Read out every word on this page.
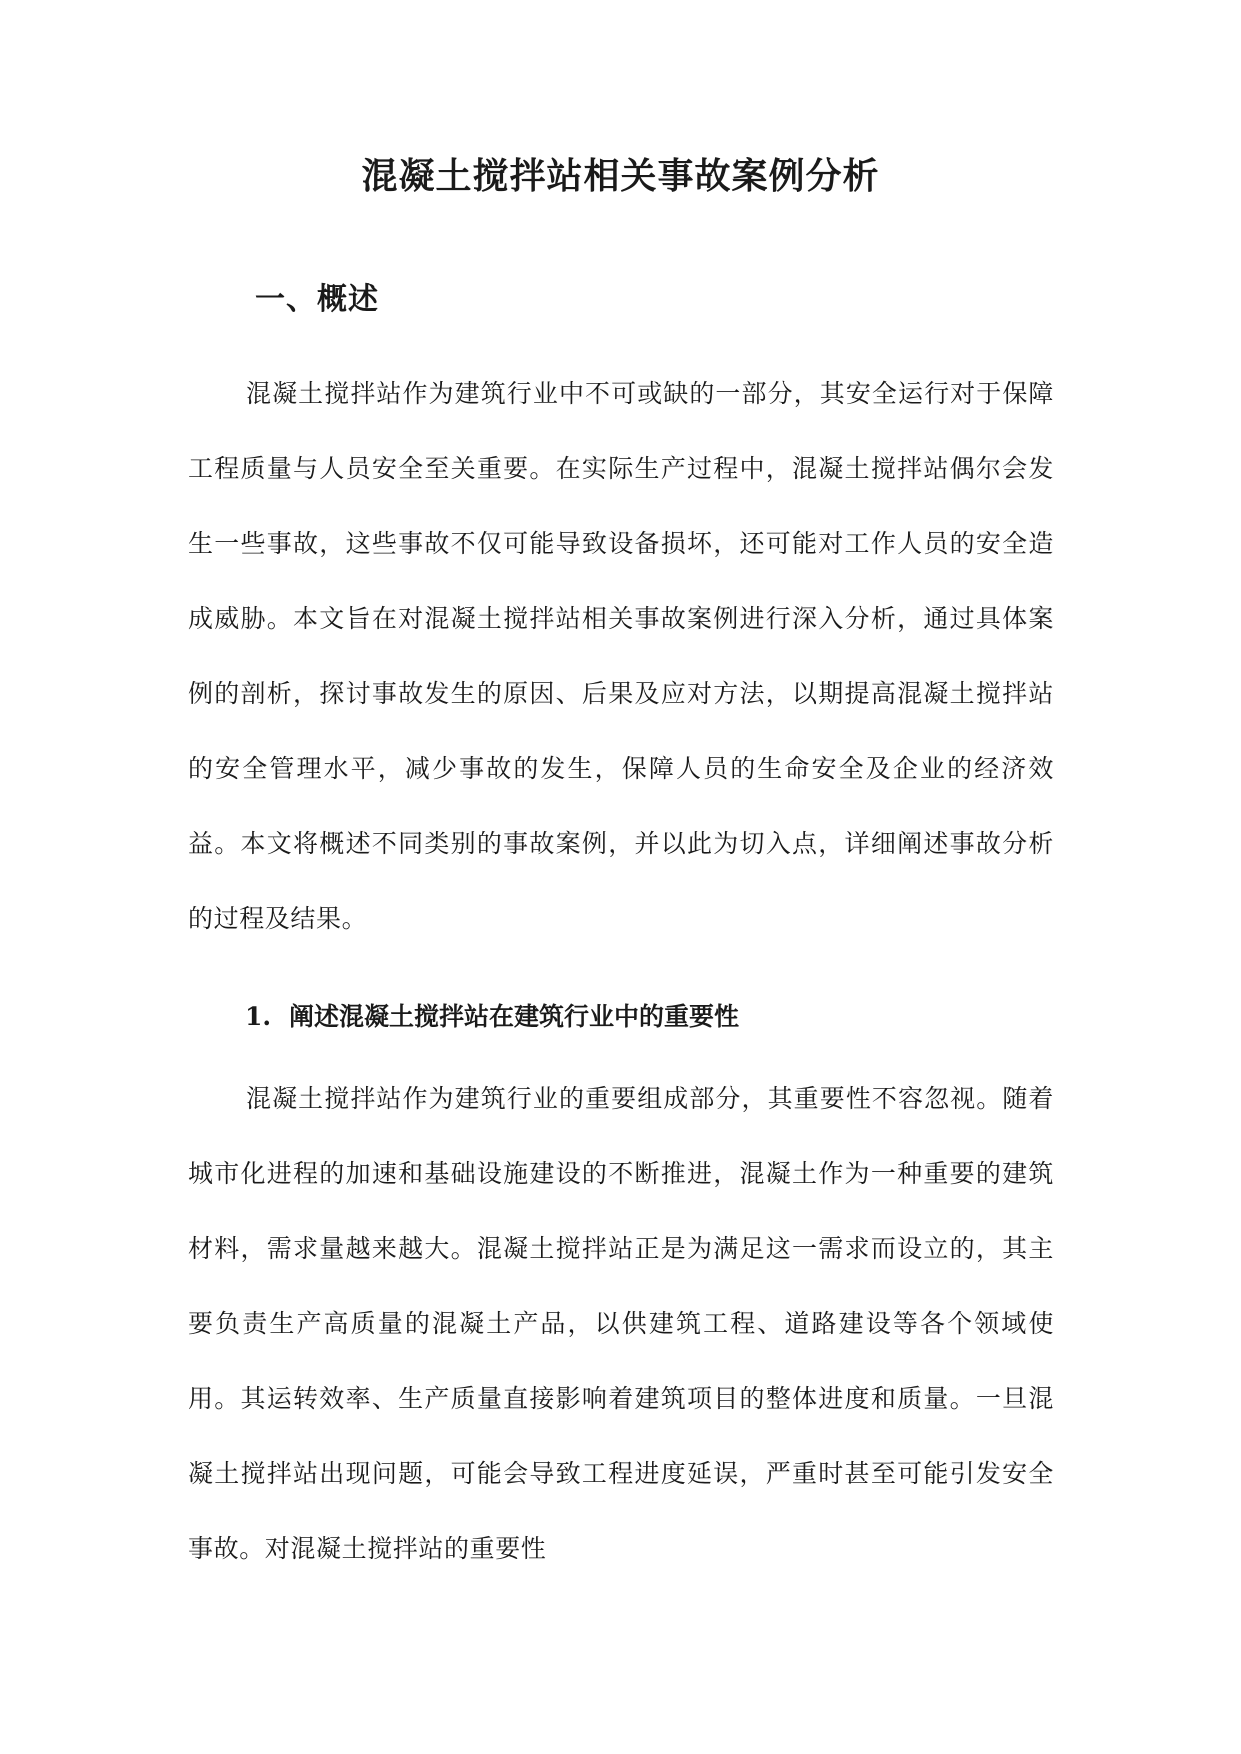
混凝土搅拌站相关事故案例分析
一、概述

混凝土搅拌站作为建筑行业中不可或缺的一部分，其安全运行对于保障工程质量与人员安全至关重要。在实际生产过程中，混凝土搅拌站偶尔会发生一些事故，这些事故不仅可能导致设备损坏，还可能对工作人员的安全造成威胁。本文旨在对混凝土搅拌站相关事故案例进行深入分析，通过具体案例的剖析，探讨事故发生的原因、后果及应对方法，以期提高混凝土搅拌站的安全管理水平，减少事故的发生，保障人员的生命安全及企业的经济效益。本文将概述不同类别的事故案例，并以此为切入点，详细阐述事故分析的过程及结果。

1. 阐述混凝土搅拌站在建筑行业中的重要性

混凝土搅拌站作为建筑行业的重要组成部分，其重要性不容忽视。随着城市化进程的加速和基础设施建设的不断推进，混凝土作为一种重要的建筑材料，需求量越来越大。混凝土搅拌站正是为满足这一需求而设立的，其主要负责生产高质量的混凝土产品，以供建筑工程、道路建设等各个领域使用。其运转效率、生产质量直接影响着建筑项目的整体进度和质量。一旦混凝土搅拌站出现问题，可能会导致工程进度延误，严重时甚至可能引发安全事故。对混凝土搅拌站的重要性
